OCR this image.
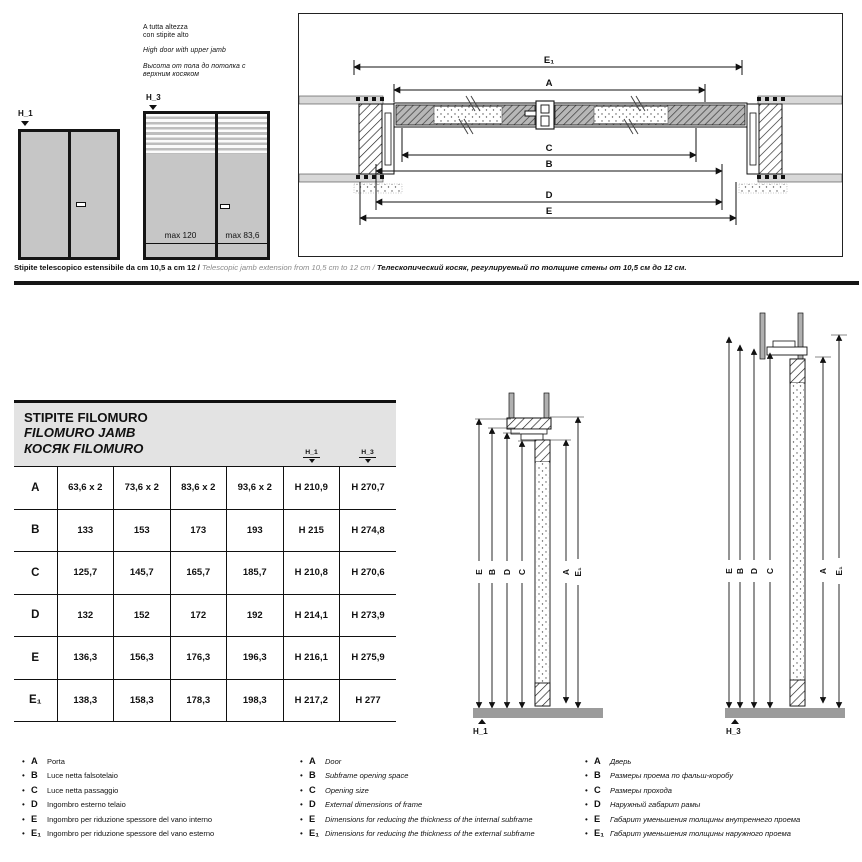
A tutta altezza
con stipite alto
High door with upper jamb
Высота от пола до потолка с
верхним косяком
H_1
H_3
max 120	max 83,6
E₁
A
C
B
D
E
Stipite telescopico estensibile da cm 10,5 a cm 12 / Telescopic jamb extension from 10,5 cm to 12 cm / Телескопический косяк, регулируемый по толщине стены от 10,5 см до 12 см.
STIPITE FILOMURO
FILOMURO JAMB
КОСЯК FILOMURO	H_1	H_3
A	63,6 x 2	73,6 x 2	83,6 x 2	93,6 x 2	H 210,9	H 270,7
B	133	153	173	193	H 215	H 274,8
C	125,7	145,7	165,7	185,7	H 210,8	H 270,6
D	132	152	172	192	H 214,1	H 273,9
E	136,3	156,3	176,3	196,3	H 216,1	H 275,9
E₁	138,3	158,3	178,3	198,3	H 217,2	H 277
E B D C	A E₁
H_1
E B D C	A E₁
H_3
• A	Porta
• B	Luce netta falsotelaio
• C	Luce netta passaggio
• D	Ingombro esterno telaio
• E	Ingombro per riduzione spessore del vano interno
• E₁ Ingombro per riduzione spessore del vano esterno
• A	Door
• B	Subframe opening space
• C	Opening size
• D	External dimensions of frame
• E	Dimensions for reducing the thickness of the internal subframe
• E₁ Dimensions for reducing the thickness of the external subframe
• A	Дверь
• B	Размеры проема по фальш-коробу
• C	Размеры прохода
• D	Наружный габарит рамы
• E	Габарит уменьшения толщины внутреннего проема
• E₁ Габарит уменьшения толщины наружного проема
